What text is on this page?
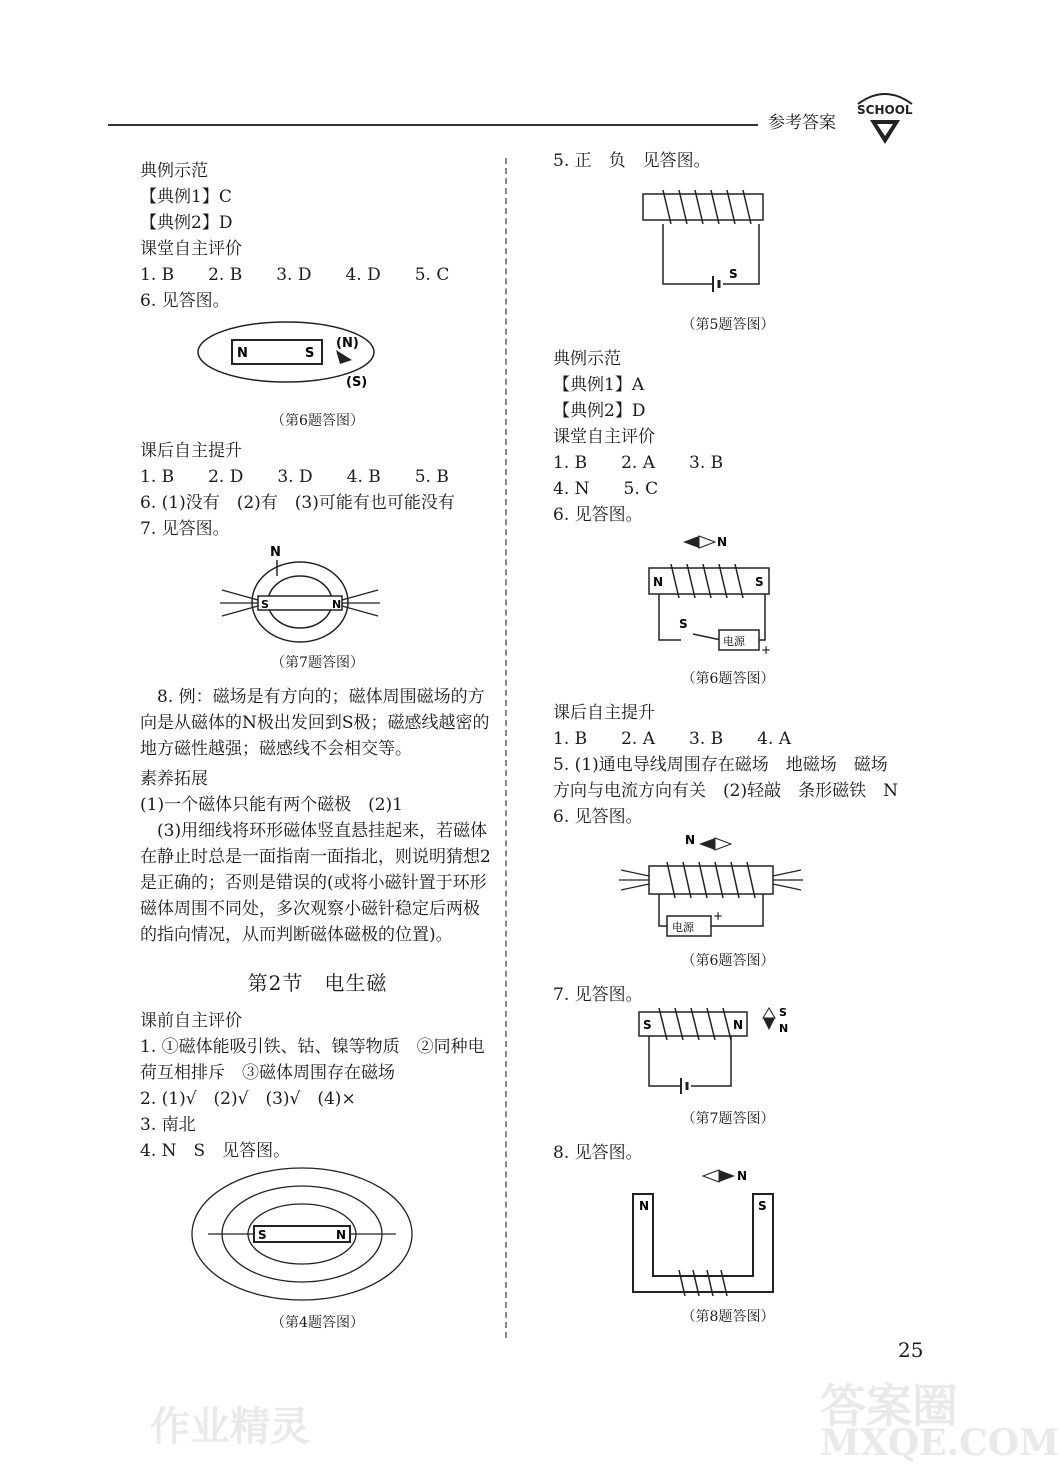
参考答案
SCHOOL
典例示范
【典例1】C
【典例2】D
课堂自主评价
1. B　　2. B　　3. D　　4. D　　5. C
6. 见答图。
N	S
(N)
(S)
（第6题答图）
课后自主提升
1. B　　2. D　　3. D　　4. B　　5. B
6. (1)没有　(2)有　(3)可能有也可能没有
7. 见答图。
N
S	N
（第7题答图）
8. 例：磁场是有方向的；磁体周围磁场的方向是从磁体的N极出发回到S极；磁感线越密的地方磁性越强；磁感线不会相交等。
素养拓展
(1)一个磁体只能有两个磁极　(2)1
(3)用细线将环形磁体竖直悬挂起来，若磁体在静止时总是一面指南一面指北，则说明猜想2是正确的；否则是错误的(或将小磁针置于环形磁体周围不同处，多次观察小磁针稳定后两极的指向情况，从而判断磁体磁极的位置)。
第2节　电生磁
课前自主评价
1. ①磁体能吸引铁、钴、镍等物质　②同种电荷互相排斥　③磁体周围存在磁场
2. (1)√　(2)√　(3)√　(4)×
3. 南北
4. N　S　见答图。
S	N
（第4题答图）
5. 正　负　见答图。
S
（第5题答图）
典例示范
【典例1】A
【典例2】D
课堂自主评价
1. B　　2. A　　3. B
4. N　　5. C
6. 见答图。
N
N	S
S
电源
+
（第6题答图）
课后自主提升
1. B　　2. A　　3. B　　4. A
5. (1)通电导线周围存在磁场　地磁场　磁场方向与电流方向有关　(2)轻敲　条形磁铁　N
6. 见答图。
N
电源
+
（第6题答图）
7. 见答图。
S	N
S
N
（第7题答图）
8. 见答图。
N
N	S
（第8题答图）
25
作业精灵	答案圈
MXQE.COM
